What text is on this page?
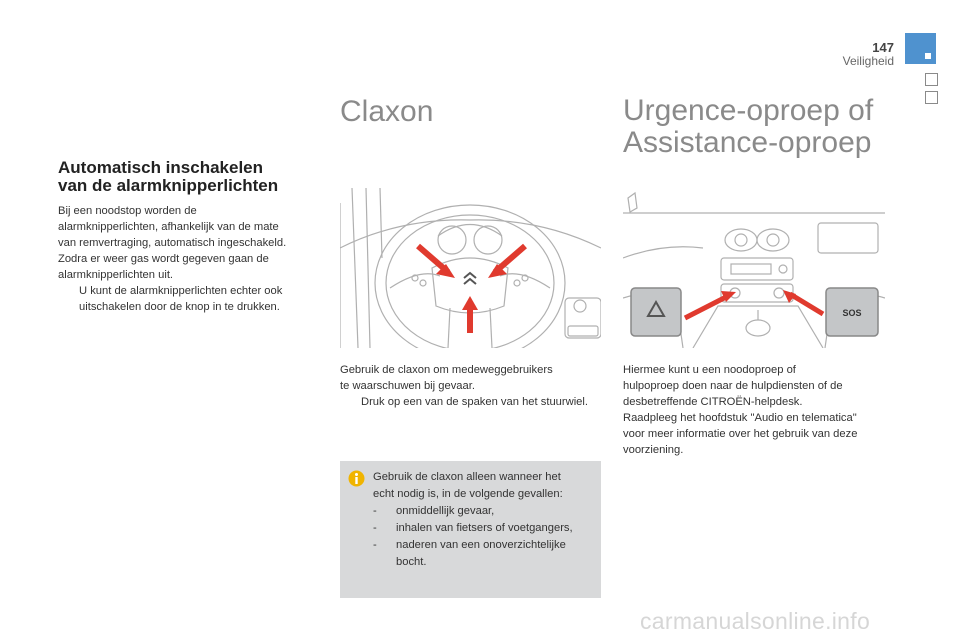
147
Veiligheid
Automatisch inschakelen
van de alarmknipperlichten
Bij een noodstop worden de
alarmknipperlichten, afhankelijk van de mate
van remvertraging, automatisch ingeschakeld.
Zodra er weer gas wordt gegeven gaan de
alarmknipperlichten uit.
U kunt de alarmknipperlichten echter ook
uitschakelen door de knop in te drukken.
Claxon
Gebruik de claxon om medeweggebruikers
te waarschuwen bij gevaar.
Druk op een van de spaken van het stuurwiel.
Gebruik de claxon alleen wanneer het
echt nodig is, in de volgende gevallen:
-	onmiddellijk gevaar,
-	inhalen van fietsers of voetgangers,
-	naderen van een onoverzichtelijke
bocht.
Urgence-oproep of
Assistance-oproep
SOS
Hiermee kunt u een noodoproep of
hulpoproep doen naar de hulpdiensten of de
desbetreffende CITROËN-helpdesk.
Raadpleeg het hoofdstuk "Audio en telematica"
voor meer informatie over het gebruik van deze
voorziening.
carmanualsonline.info
